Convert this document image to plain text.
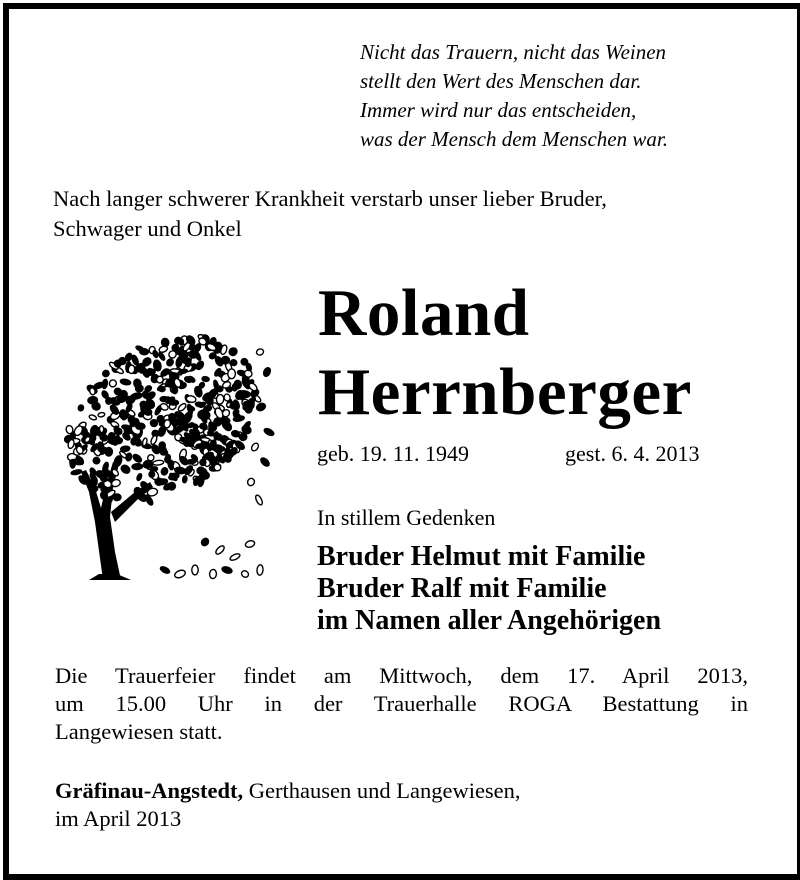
Nicht das Trauern, nicht das Weinen
stellt den Wert des Menschen dar.
Immer wird nur das entscheiden,
was der Mensch dem Menschen war.
Nach langer schwerer Krankheit verstarb unser lieber Bruder,
Schwager und Onkel
Roland
Herrnberger
geb. 19. 11. 1949	gest. 6. 4. 2013
In stillem Gedenken
Bruder Helmut mit Familie
Bruder Ralf mit Familie
im Namen aller Angehörigen
Die Trauerfeier findet am Mittwoch, dem 17. April 2013,
um 15.00 Uhr in der Trauerhalle ROGA Bestattung in
Langewiesen statt.
Gräfinau-Angstedt, Gerthausen und Langewiesen,
im April 2013
